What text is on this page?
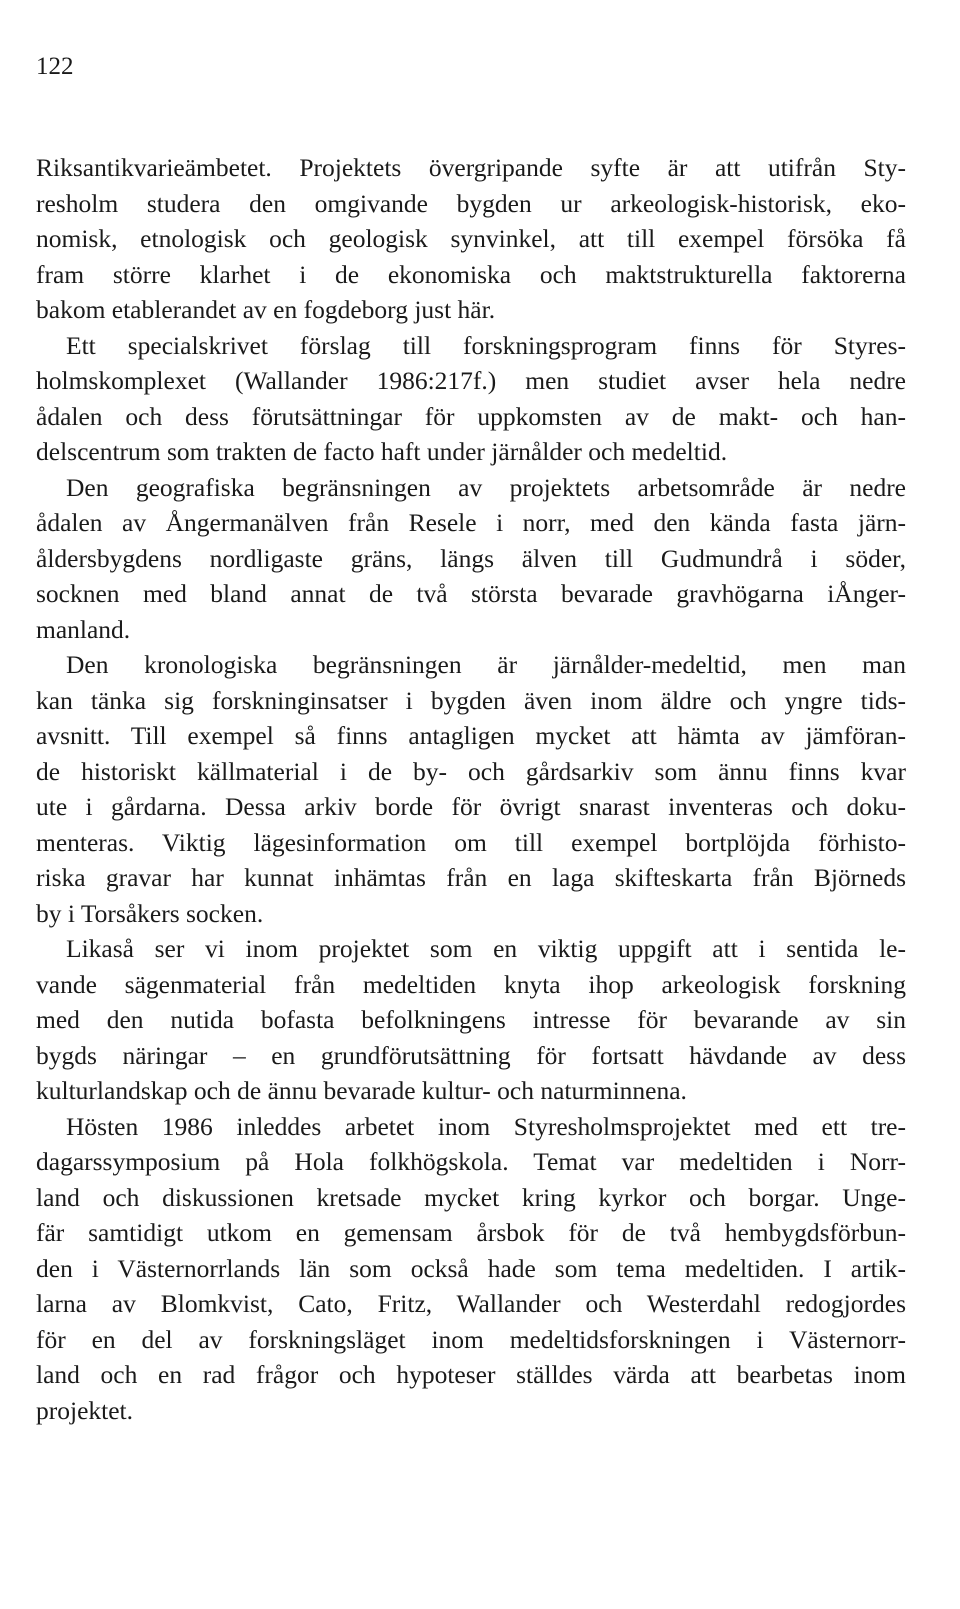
122
Riksantikvarieämbetet. Projektets övergripande syfte är att utifrån Sty-
resholm studera den omgivande bygden ur arkeologisk-historisk, eko-
nomisk, etnologisk och geologisk synvinkel, att till exempel försöka få
fram större klarhet i de ekonomiska och maktstrukturella faktorerna
bakom etablerandet av en fogdeborg just här.
Ett specialskrivet förslag till forskningsprogram finns för Styres-
holmskomplexet (Wallander 1986:217f.) men studiet avser hela nedre
ådalen och dess förutsättningar för uppkomsten av de makt- och han-
delscentrum som trakten de facto haft under järnålder och medeltid.
Den geografiska begränsningen av projektets arbetsområde är nedre
ådalen av Ångermanälven från Resele i norr, med den kända fasta järn-
åldersbygdens nordligaste gräns, längs älven till Gudmundrå i söder,
socknen med bland annat de två största bevarade gravhögarna iÅnger-
manland.
Den kronologiska begränsningen är järnålder-medeltid, men man
kan tänka sig forskninginsatser i bygden även inom äldre och yngre tids-
avsnitt. Till exempel så finns antagligen mycket att hämta av jämföran-
de historiskt källmaterial i de by- och gårdsarkiv som ännu finns kvar
ute i gårdarna. Dessa arkiv borde för övrigt snarast inventeras och doku-
menteras. Viktig lägesinformation om till exempel bortplöjda förhisto-
riska gravar har kunnat inhämtas från en laga skifteskarta från Björneds
by i Torsåkers socken.
Likaså ser vi inom projektet som en viktig uppgift att i sentida le-
vande sägenmaterial från medeltiden knyta ihop arkeologisk forskning
med den nutida bofasta befolkningens intresse för bevarande av sin
bygds näringar – en grundförutsättning för fortsatt hävdande av dess
kulturlandskap och de ännu bevarade kultur- och naturminnena.
Hösten 1986 inleddes arbetet inom Styresholmsprojektet med ett tre-
dagarssymposium på Hola folkhögskola. Temat var medeltiden i Norr-
land och diskussionen kretsade mycket kring kyrkor och borgar. Unge-
fär samtidigt utkom en gemensam årsbok för de två hembygdsförbun-
den i Västernorrlands län som också hade som tema medeltiden. I artik-
larna av Blomkvist, Cato, Fritz, Wallander och Westerdahl redogjordes
för en del av forskningsläget inom medeltidsforskningen i Västernorr-
land och en rad frågor och hypoteser ställdes värda att bearbetas inom
projektet.
